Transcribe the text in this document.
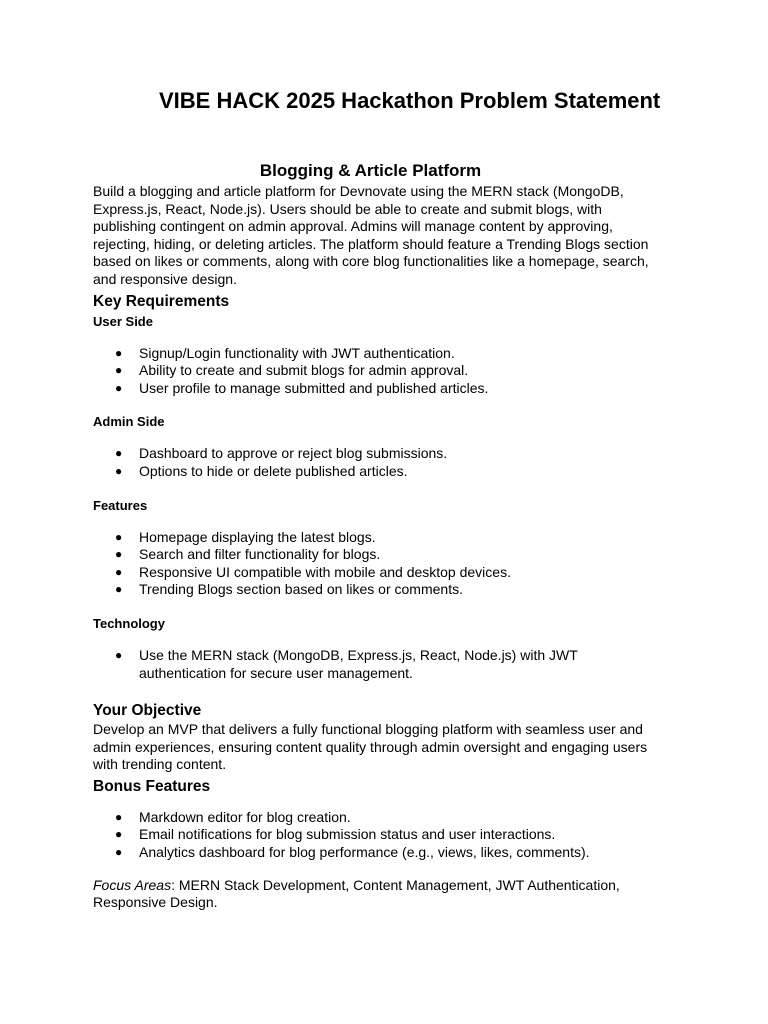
VIBE HACK 2025 Hackathon Problem Statement
Blogging & Article Platform

Build a blogging and article platform for Devnovate using the MERN stack (MongoDB, Express.js, React, Node.js). Users should be able to create and submit blogs, with publishing contingent on admin approval. Admins will manage content by approving, rejecting, hiding, or deleting articles. The platform should feature a Trending Blogs section based on likes or comments, along with core blog functionalities like a homepage, search, and responsive design.

Key Requirements
User Side
● Signup/Login functionality with JWT authentication.
● Ability to create and submit blogs for admin approval.
● User profile to manage submitted and published articles.
Admin Side
● Dashboard to approve or reject blog submissions.
● Options to hide or delete published articles.
Features
● Homepage displaying the latest blogs.
● Search and filter functionality for blogs.
● Responsive UI compatible with mobile and desktop devices.
● Trending Blogs section based on likes or comments.
Technology
● Use the MERN stack (MongoDB, Express.js, React, Node.js) with JWT authentication for secure user management.
Your Objective

Develop an MVP that delivers a fully functional blogging platform with seamless user and admin experiences, ensuring content quality through admin oversight and engaging users with trending content.

Bonus Features
● Markdown editor for blog creation.
● Email notifications for blog submission status and user interactions.
● Analytics dashboard for blog performance (e.g., views, likes, comments).

Focus Areas: MERN Stack Development, Content Management, JWT Authentication, Responsive Design.
